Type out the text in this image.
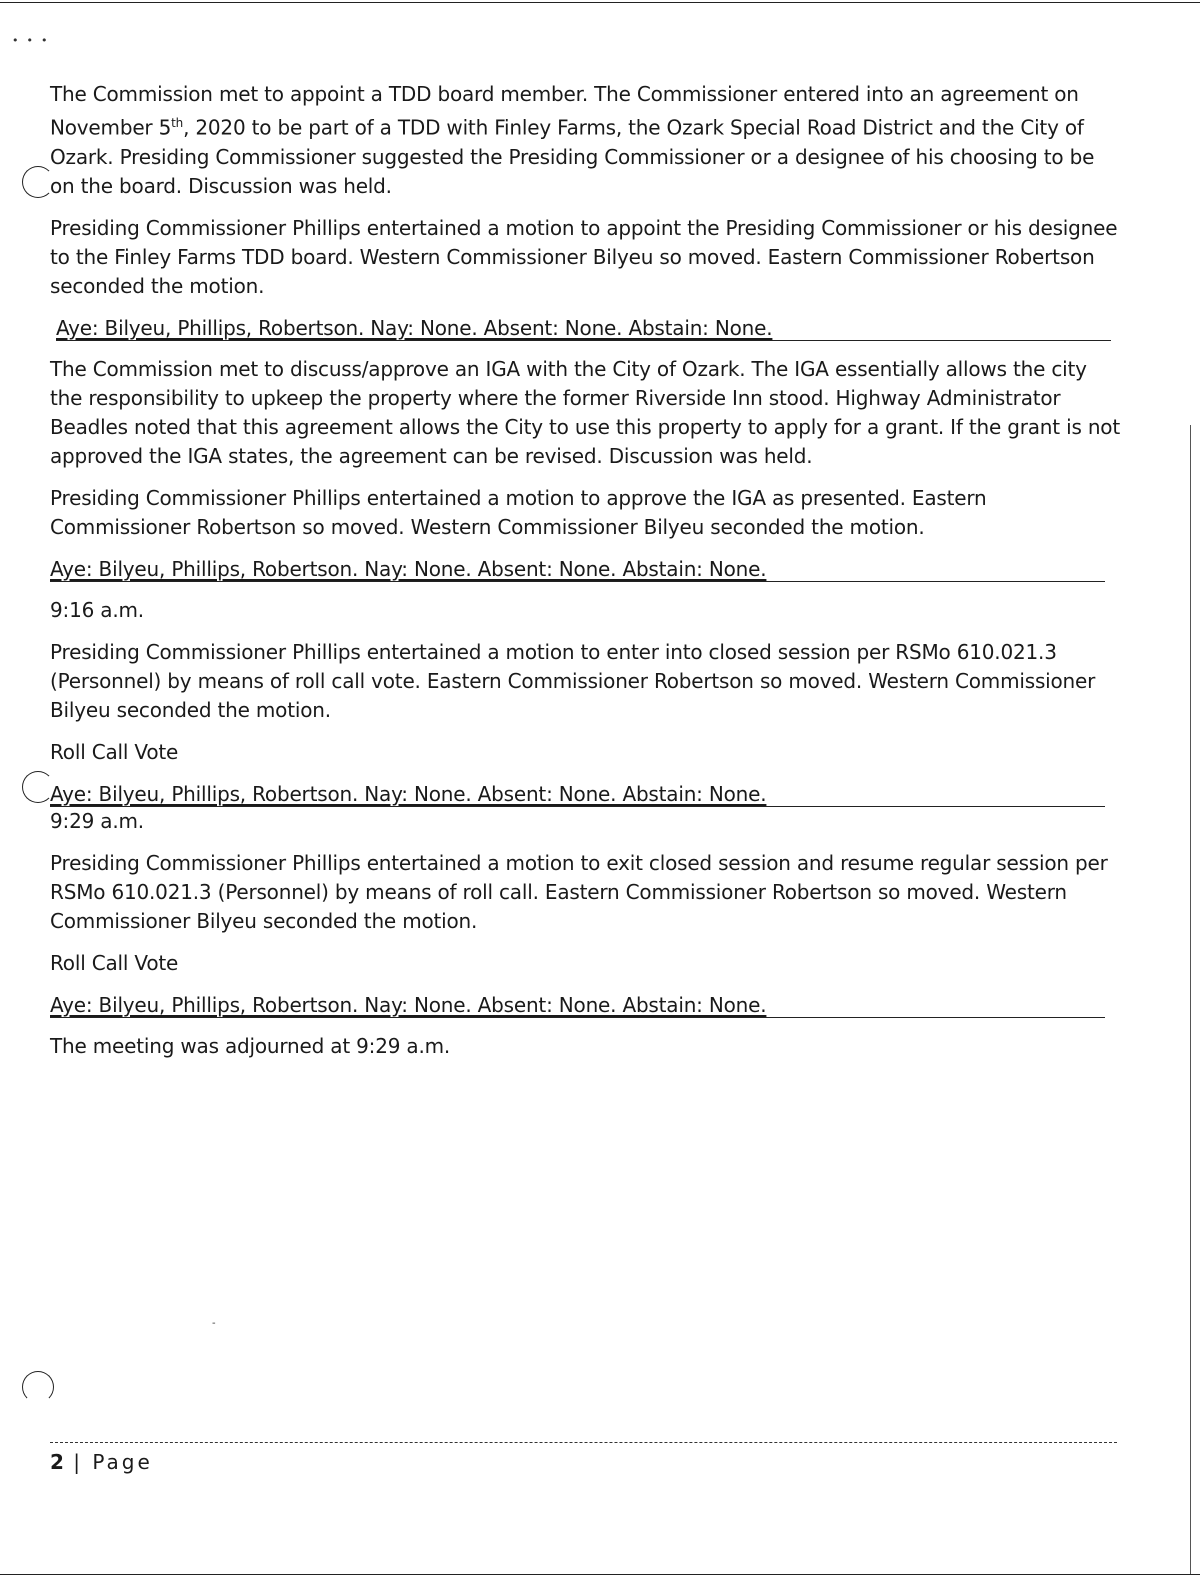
•••
-

The Commission met to appoint a TDD board member. The Commissioner entered into an agreement on November 5th, 2020 to be part of a TDD with Finley Farms, the Ozark Special Road District and the City of Ozark. Presiding Commissioner suggested the Presiding Commissioner or a designee of his choosing to be on the board. Discussion was held.

Presiding Commissioner Phillips entertained a motion to appoint the Presiding Commissioner or his designee to the Finley Farms TDD board. Western Commissioner Bilyeu so moved. Eastern Commissioner Robertson seconded the motion.

Aye: Bilyeu, Phillips, Robertson. Nay: None. Absent: None. Abstain: None.

The Commission met to discuss/approve an IGA with the City of Ozark. The IGA essentially allows the city the responsibility to upkeep the property where the former Riverside Inn stood. Highway Administrator Beadles noted that this agreement allows the City to use this property to apply for a grant. If the grant is not approved the IGA states, the agreement can be revised. Discussion was held.

Presiding Commissioner Phillips entertained a motion to approve the IGA as presented. Eastern Commissioner Robertson so moved. Western Commissioner Bilyeu seconded the motion.

Aye: Bilyeu, Phillips, Robertson. Nay: None. Absent: None. Abstain: None.

9:16 a.m.

Presiding Commissioner Phillips entertained a motion to enter into closed session per RSMo 610.021.3 (Personnel) by means of roll call vote. Eastern Commissioner Robertson so moved. Western Commissioner Bilyeu seconded the motion.

Roll Call Vote

Aye: Bilyeu, Phillips, Robertson. Nay: None. Absent: None. Abstain: None.

9:29 a.m.

Presiding Commissioner Phillips entertained a motion to exit closed session and resume regular session per RSMo 610.021.3 (Personnel) by means of roll call. Eastern Commissioner Robertson so moved. Western Commissioner Bilyeu seconded the motion.

Roll Call Vote

Aye: Bilyeu, Phillips, Robertson. Nay: None. Absent: None. Abstain: None.

The meeting was adjourned at 9:29 a.m.

2 | Page
